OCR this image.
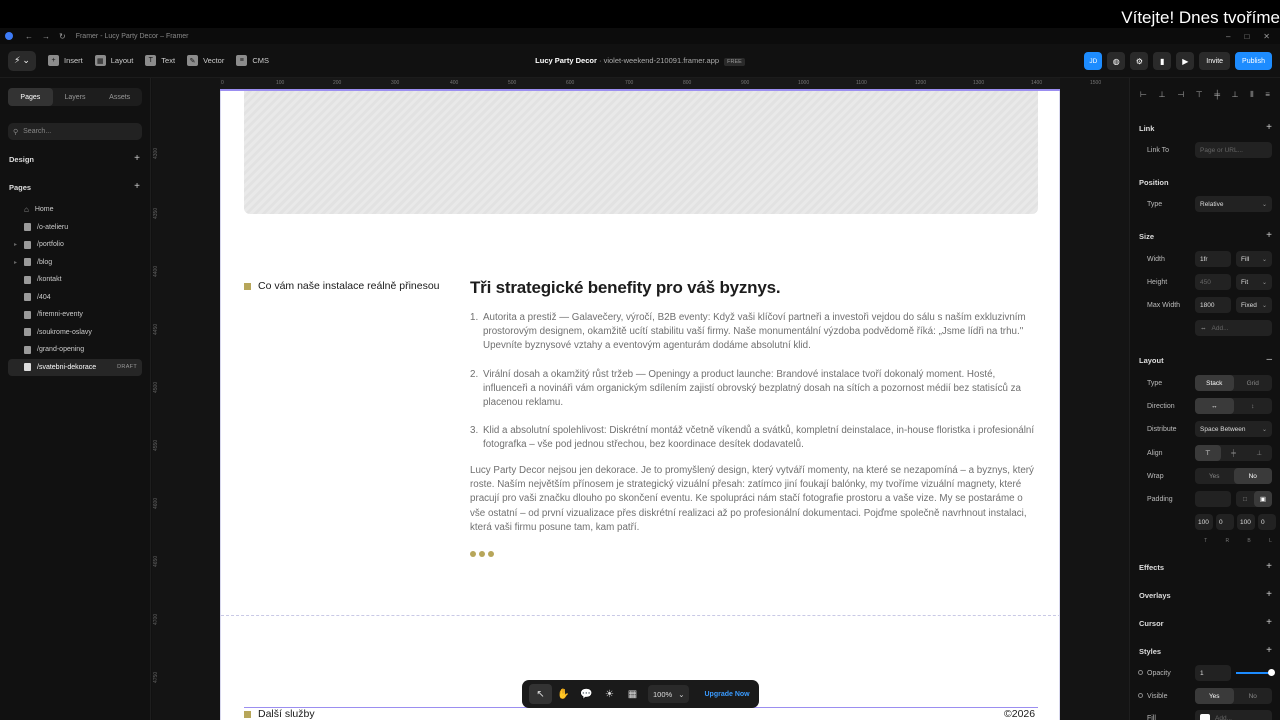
Vítejte! Dnes tvoříme
← → ↻ Framer - Lucy Party Decor – Framer	– □ ✕
⚡ ⌄	+	Insert	▦ Layout	T	Text	✎	Vector	≡	CMS	Lucy Party Decor · violet-weekend-210091.framer.app FREE	JD	◍	⚙	▮	▶	Invite	Publish
Pages	Layers	Assets
⚲ Search...
Design	+
Pages	+
⌂ Home
/o-atelieru
▸	/portfolio
▸	/blog
/kontakt
/404
/firemni-eventy
/soukrome-oslavy
/grand-opening
/svatebni-dekorace	DRAFT
0	100	200	300	400	500	600	700	800	900	1000	1100	1200	1300	1400
4300
4350
4400
4450
4500
4550
4600
4650
4700
4750
1500
Co vám naše instalace reálně přinesou Tři strategické benefity pro váš byznys.
1. Autorita a prestiž — Galavečery, výročí, B2B eventy: Když vaši klíčoví partneři a investoři vejdou do sálu s naším exkluzivním prostorovým designem, okamžitě ucítí stabilitu vaší firmy. Naše monumentální výzdoba podvědomě říká: „Jsme lídři na trhu." Upevníte byznysové vztahy a eventovým agenturám dodáme absolutní klid.
2. Virální dosah a okamžitý růst tržeb — Openingy a product launche: Brandové instalace tvoří dokonalý moment. Hosté, influenceři a novináři vám organickým sdílením zajistí obrovský bezplatný dosah na sítích a pozornost médií bez statisíců za placenou reklamu.
3. Klid a absolutní spolehlivost: Diskrétní montáž včetně víkendů a svátků, kompletní deinstalace, in-house floristka i profesionální fotografka – vše pod jednou střechou, bez koordinace desítek dodavatelů.

Lucy Party Decor nejsou jen dekorace. Je to promyšlený design, který vytváří momenty, na které se nezapomíná – a byznys, který roste. Naším největším přínosem je strategický vizuální přesah: zatímco jiní foukají balónky, my tvoříme vizuální magnety, které pracují pro vaši značku dlouho po skončení eventu. Ke spolupráci nám stačí fotografie prostoru a vaše vize. My se postaráme o vše ostatní – od první vizualizace přes diskrétní realizaci až po profesionální dokumentaci. Pojďme společně navrhnout instalaci, která vaši firmu posune tam, kam patří.

Další služby	©2026
↖	✋	💬	☀	▦	100% ⌄	Upgrade Now
⊢ ⊥ ⊣ ⊤ ╪ ⊥ ⫴ ≡
Link	+
Link To	Page or URL...
Position
Type	Relative	⌄
Size	+
Width	1fr	Fill ⌄
Height	450	Fit ⌄
Max Width	1800	Fixed ⌄
⇔ Add...
Layout	–
Type	Stack	Grid
Direction	↔	↕
Distribute	Space Between	⌄
Align	⊤	╪	⊥
Wrap	Yes	No
Padding	□	▣
100	0	100	0
T	R	B	L
Effects	+
Overlays	+
Cursor	+
Styles	+
Opacity	1
Visible	Yes	No
Fill	Add...
